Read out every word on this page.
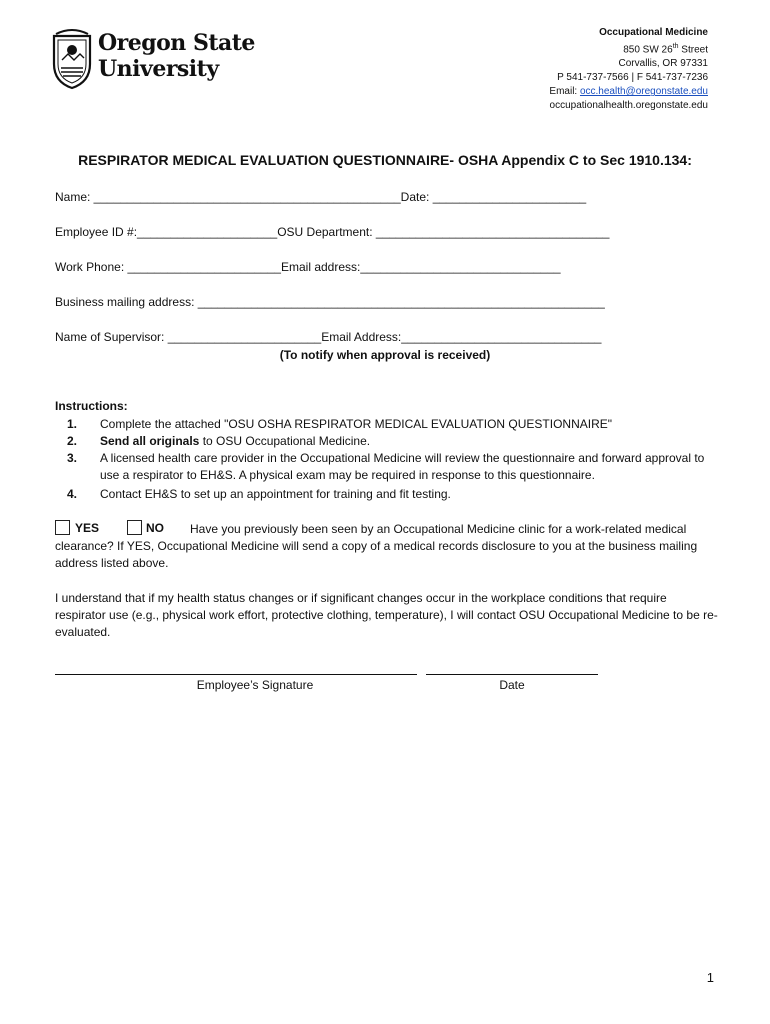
Oregon State
University
Occupational Medicine
850 SW 26th Street
Corvallis, OR 97331
P 541-737-7566 | F 541-737-7236
Email: occ.health@oregonstate.edu
occupationalhealth.oregonstate.edu
RESPIRATOR MEDICAL EVALUATION QUESTIONNAIRE- OSHA Appendix C to Sec 1910.134:
Name: ______________________________________________Date: _______________________
Employee ID #:_____________________OSU Department: ___________________________________
Work Phone: _______________________Email address:______________________________
Business mailing address: _____________________________________________________________
Name of Supervisor: _______________________Email Address:______________________________
(To notify when approval is received)
Instructions:
1. Complete the attached "OSU OSHA RESPIRATOR MEDICAL EVALUATION QUESTIONNAIRE"
2. Send all originals to OSU Occupational Medicine.
3. A licensed health care provider in the Occupational Medicine will review the questionnaire and forward approval to use a respirator to EH&S. A physical exam may be required in response to this questionnaire.
4. Contact EH&S to set up an appointment for training and fit testing.
YES	NO	Have you previously been seen by an Occupational Medicine clinic for a work-related medical clearance? If YES, Occupational Medicine will send a copy of a medical records disclosure to you at the business mailing address listed above.
I understand that if my health status changes or if significant changes occur in the workplace conditions that require respirator use (e.g., physical work effort, protective clothing, temperature), I will contact OSU Occupational Medicine to be re-evaluated.
Employee’s Signature	Date
1
